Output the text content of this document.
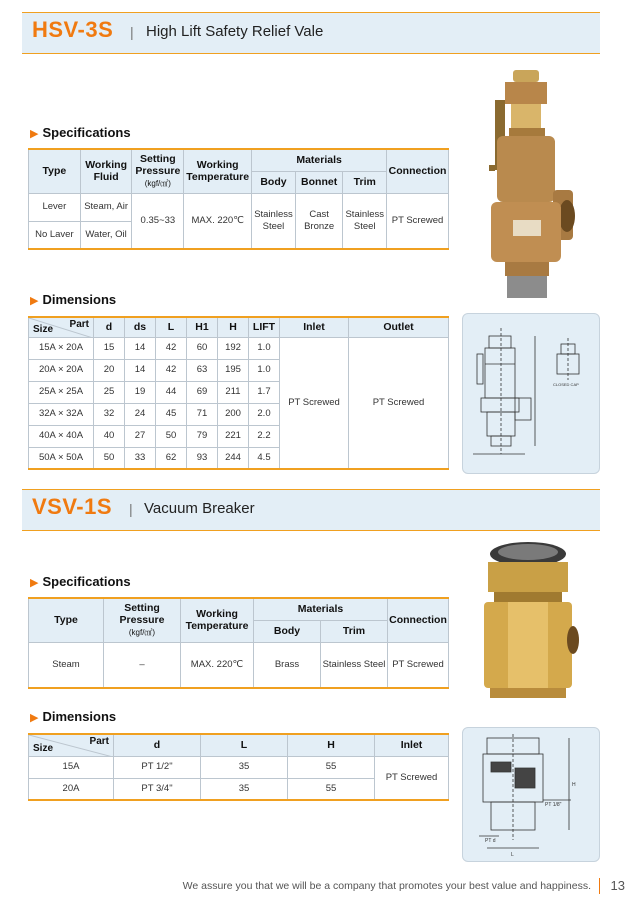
HSV-3S | High Lift Safety Relief Vale
▶ Specifications
Type	Working Fluid	Setting Pressure
(kgf/㎠)	Working Temperature	Materials			Connection
				Body	Bonnet	Trim	
Lever	Steam, Air	0.35~33	MAX. 220℃	Stainless Steel	Cast Bronze	Stainless Steel	PT Screwed
No Laver	Water, Oil						
▶ Dimensions
Part
Size	d	ds	L	H1	H	LIFT	Inlet	Outlet
15A × 20A	15	14	42	60	192	1.0	PT Screwed	PT Screwed
20A × 20A	20	14	42	63	195	1.0		
25A × 25A	25	19	44	69	211	1.7		
32A × 32A	32	24	45	71	200	2.0		
40A × 40A	40	27	50	79	221	2.2		
50A × 50A	50	33	62	93	244	4.5		
CLOSED CAP
VSV-1S | Vacuum Breaker
▶ Specifications
Type	Setting Pressure
(kgf/㎠)	Working Temperature	Materials		Connection
			Body	Trim	
Steam	–	MAX. 220℃	Brass	Stainless Steel	PT Screwed
▶ Dimensions
Part
Size	d	L	H	Inlet
15A	PT 1/2"	35	55	PT Screwed
20A	PT 3/4"	35	55	
PT 1/8"
PT d
L
H
We assure you that we will be a company that promotes your best value and happiness. 13
